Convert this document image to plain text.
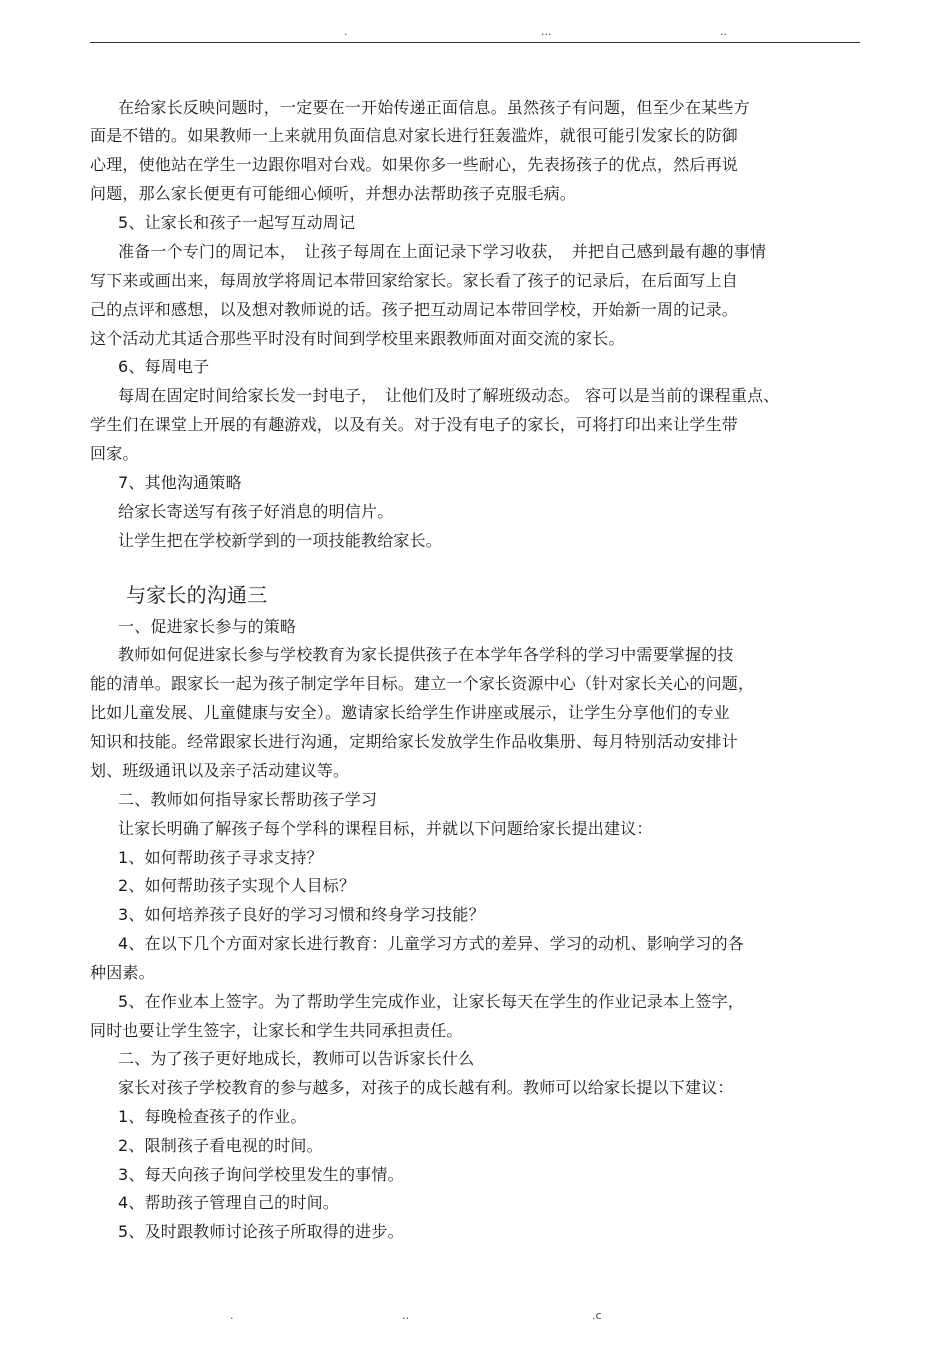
.	...	..
在给家长反映问题时，一定要在一开始传递正面信息。虽然孩子有问题，但至少在某些方
面是不错的。如果教师一上来就用负面信息对家长进行狂轰滥炸，就很可能引发家长的防御
心理，使他站在学生一边跟你唱对台戏。如果你多一些耐心，先表扬孩子的优点，然后再说
问题，那么家长便更有可能细心倾听，并想办法帮助孩子克服毛病。
5、让家长和孩子一起写互动周记
准备一个专门的周记本，　让孩子每周在上面记录下学习收获，　并把自己感到最有趣的事情
写下来或画出来，每周放学将周记本带回家给家长。家长看了孩子的记录后，在后面写上自
己的点评和感想，以及想对教师说的话。孩子把互动周记本带回学校，开始新一周的记录。
这个活动尤其适合那些平时没有时间到学校里来跟教师面对面交流的家长。
6、每周电子
每周在固定时间给家长发一封电子，　让他们及时了解班级动态。 容可以是当前的课程重点、
学生们在课堂上开展的有趣游戏，以及有关。对于没有电子的家长，可将打印出来让学生带
回家。
7、其他沟通策略
给家长寄送写有孩子好消息的明信片。
让学生把在学校新学到的一项技能教给家长。
与家长的沟通三
一、促进家长参与的策略
教师如何促进家长参与学校教育为家长提供孩子在本学年各学科的学习中需要掌握的技
能的清单。跟家长一起为孩子制定学年目标。建立一个家长资源中心（针对家长关心的问题，
比如儿童发展、儿童健康与安全）。邀请家长给学生作讲座或展示，让学生分享他们的专业
知识和技能。经常跟家长进行沟通，定期给家长发放学生作品收集册、每月特别活动安排计
划、班级通讯以及亲子活动建议等。
二、教师如何指导家长帮助孩子学习
让家长明确了解孩子每个学科的课程目标，并就以下问题给家长提出建议：
1、如何帮助孩子寻求支持？
2、如何帮助孩子实现个人目标？
3、如何培养孩子良好的学习习惯和终身学习技能？
4、在以下几个方面对家长进行教育：儿童学习方式的差异、学习的动机、影响学习的各
种因素。
5、在作业本上签字。为了帮助学生完成作业，让家长每天在学生的作业记录本上签字，
同时也要让学生签字，让家长和学生共同承担责任。
二、为了孩子更好地成长，教师可以告诉家长什么
家长对孩子学校教育的参与越多，对孩子的成长越有利。教师可以给家长提以下建议：
1、每晚检查孩子的作业。
2、限制孩子看电视的时间。
3、每天向孩子询问学校里发生的事情。
4、帮助孩子管理自己的时间。
5、及时跟教师讨论孩子所取得的进步。
.	..	.c
